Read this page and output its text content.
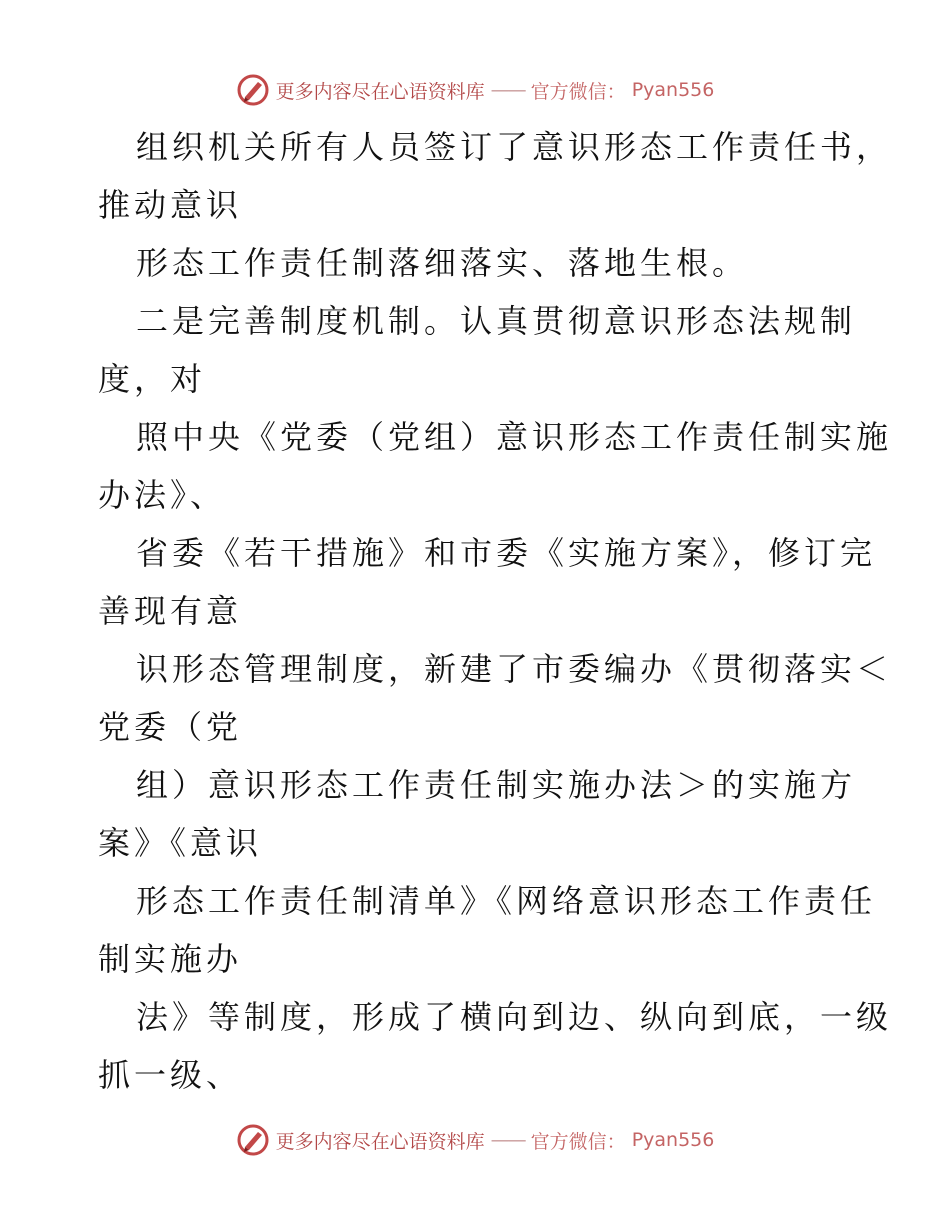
更多内容尽在心语资料库 —— 官方微信： Pyan556
组织机关所有人员签订了意识形态工作责任书，
推动意识
形态工作责任制落细落实、落地生根。
二是完善制度机制。认真贯彻意识形态法规制
度，对
照中央《党委（党组）意识形态工作责任制实施
办法》、
省委《若干措施》和市委《实施方案》，修订完
善现有意
识形态管理制度，新建了市委编办《贯彻落实＜
党委（党
组）意识形态工作责任制实施办法＞的实施方
案》《意识
形态工作责任制清单》《网络意识形态工作责任
制实施办
法》等制度，形成了横向到边、纵向到底，一级
抓一级、
更多内容尽在心语资料库 —— 官方微信： Pyan556
